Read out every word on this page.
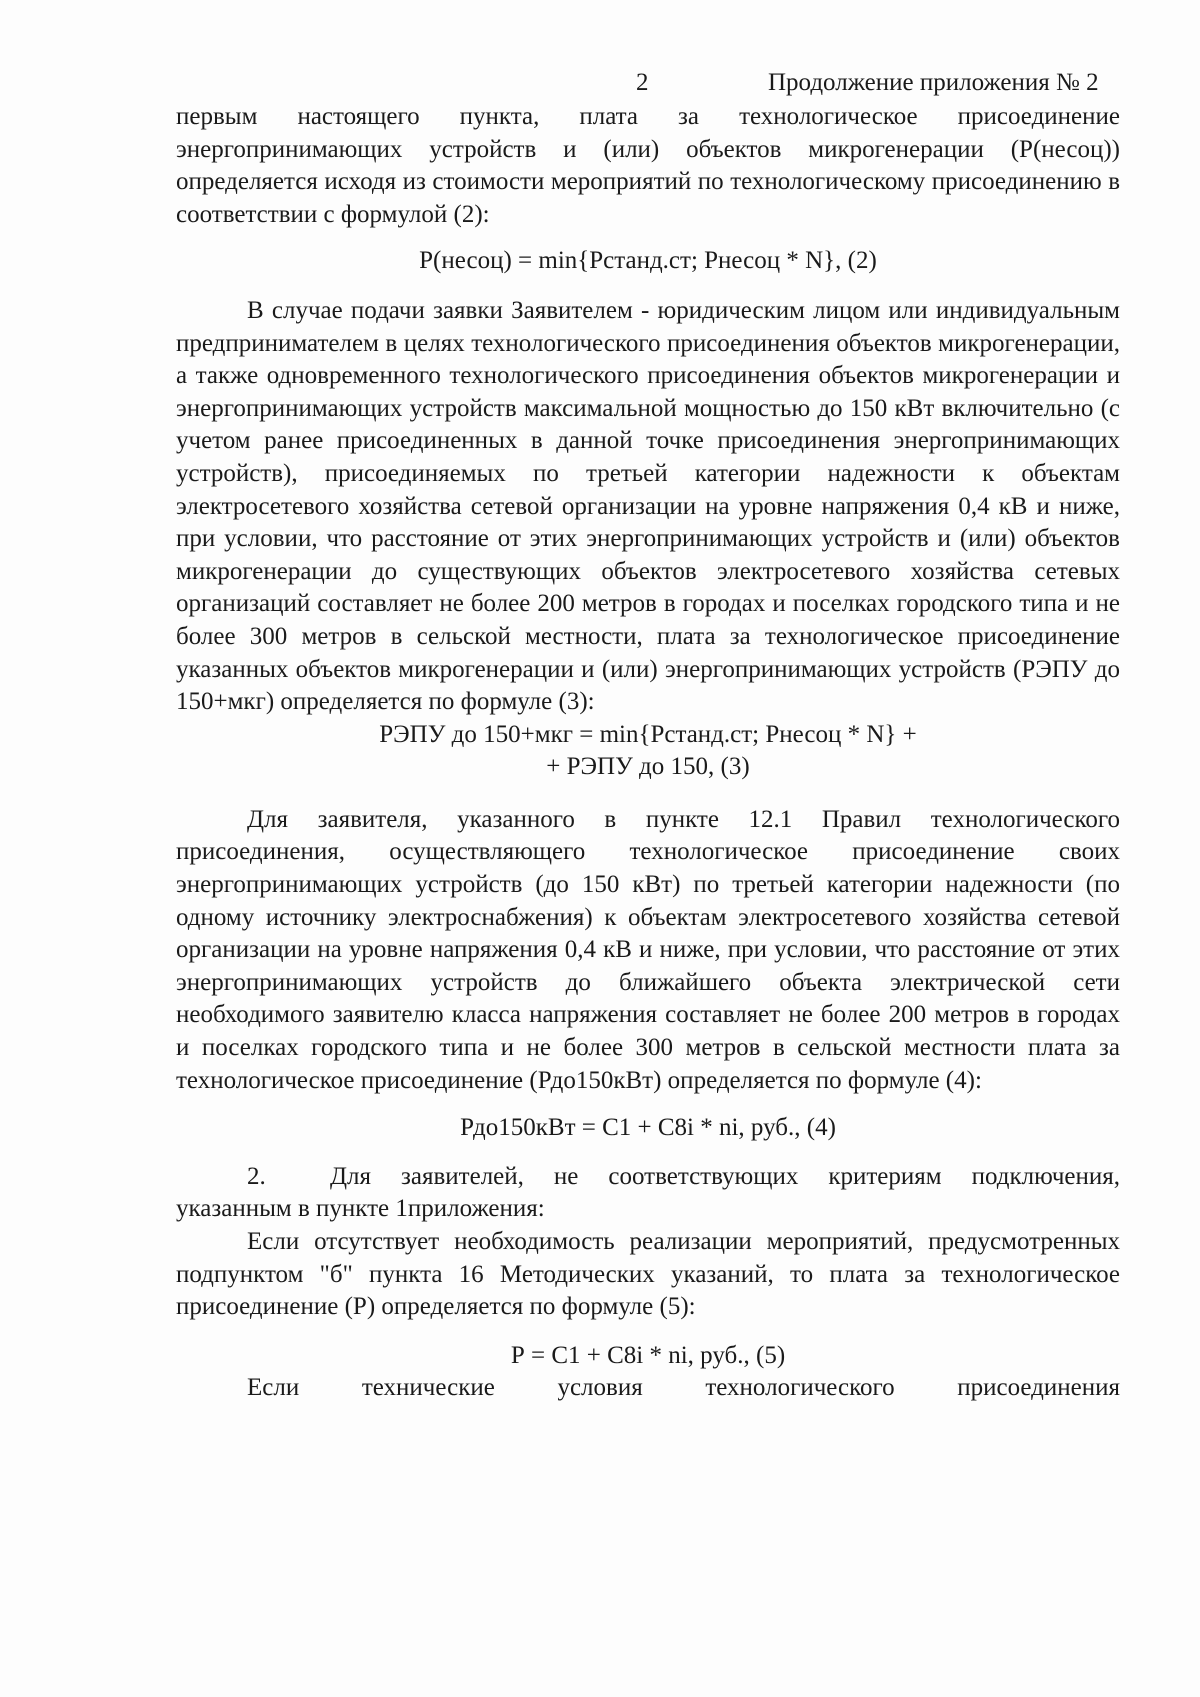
2	Продолжение приложения № 2

первым настоящего пункта, плата за технологическое присоединение энергопринимающих устройств и (или) объектов микрогенерации (Р(несоц)) определяется исходя из стоимости мероприятий по технологическому присоединению в соответствии с формулой (2):

Р(несоц) = min{Рстанд.ст; Рнесоц * N}, (2)

В случае подачи заявки Заявителем - юридическим лицом или индивидуальным предпринимателем в целях технологического присоединения объектов микрогенерации, а также одновременного технологического присоединения объектов микрогенерации и энергопринимающих устройств максимальной мощностью до 150 кВт включительно (с учетом ранее присоединенных в данной точке присоединения энергопринимающих устройств), присоединяемых по третьей категории надежности к объектам электросетевого хозяйства сетевой организации на уровне напряжения 0,4 кВ и ниже, при условии, что расстояние от этих энергопринимающих устройств и (или) объектов микрогенерации до существующих объектов электросетевого хозяйства сетевых организаций составляет не более 200 метров в городах и поселках городского типа и не более 300 метров в сельской местности, плата за технологическое присоединение указанных объектов микрогенерации и (или) энергопринимающих устройств (РЭПУ до 150+мкг) определяется по формуле (3):

РЭПУ до 150+мкг = min{Рстанд.ст; Рнесоц * N} +
+ РЭПУ до 150, (3)

Для заявителя, указанного в пункте 12.1 Правил технологического присоединения, осуществляющего технологическое присоединение своих энергопринимающих устройств (до 150 кВт) по третьей категории надежности (по одному источнику электроснабжения) к объектам электросетевого хозяйства сетевой организации на уровне напряжения 0,4 кВ и ниже, при условии, что расстояние от этих энергопринимающих устройств до ближайшего объекта электрической сети необходимого заявителю класса напряжения составляет не более 200 метров в городах и поселках городского типа и не более 300 метров в сельской местности плата за технологическое присоединение (Рдо150кВт) определяется по формуле (4):

Рдо150кВт = С1 + С8i * ni, руб., (4)

2.	Для заявителей, не соответствующих критериям подключения, указанным в пункте 1приложения:

Если отсутствует необходимость реализации мероприятий, предусмотренных подпунктом "б" пункта 16 Методических указаний, то плата за технологическое присоединение (Р) определяется по формуле (5):

Р = С1 + С8i * ni, руб., (5)

Если технические условия технологического присоединения
